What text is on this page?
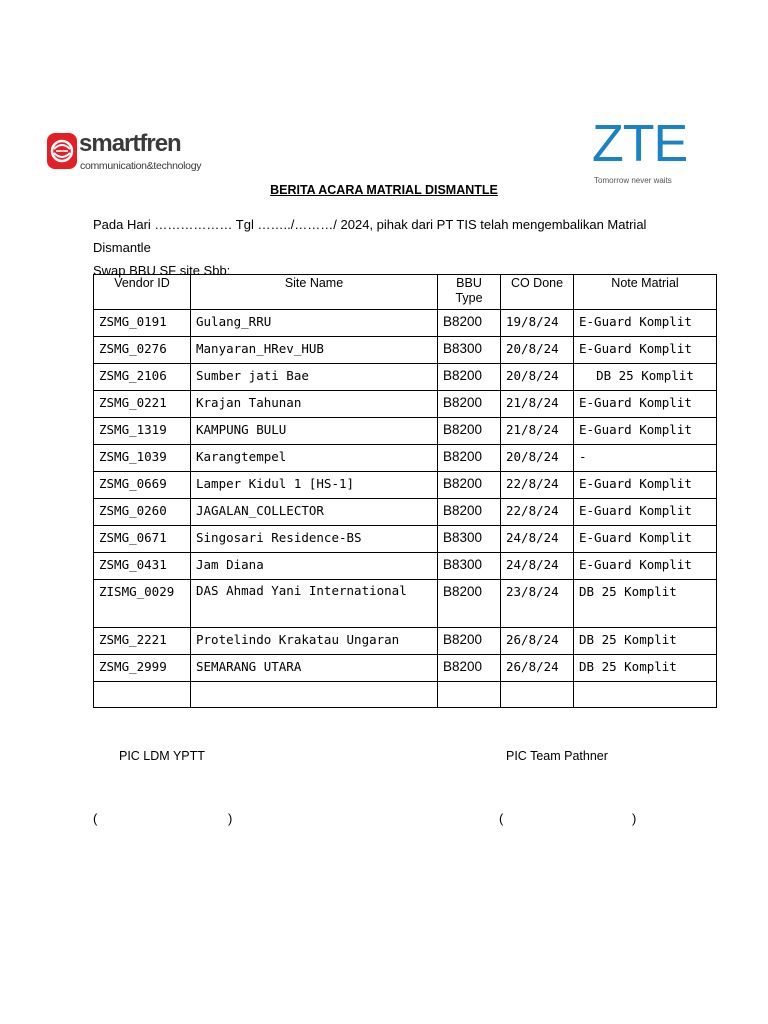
smartfren
communication&technology	ZTE
Tomorrow never waits
BERITA ACARA MATRIAL DISMANTLE
Pada Hari ……………… Tgl ……../………/ 2024, pihak dari PT TIS telah mengembalikan Matrial Dismantle
Swap BBU SF site Sbb:
Vendor ID	Site Name	BBU Type	CO Done	Note Matrial
ZSMG_0191	Gulang_RRU	B8200	19/8/24	E-Guard Komplit
ZSMG_0276	Manyaran_HRev_HUB	B8300	20/8/24	E-Guard Komplit
ZSMG_2106	Sumber jati Bae	B8200	20/8/24	DB 25 Komplit
ZSMG_0221	Krajan Tahunan	B8200	21/8/24	E-Guard Komplit
ZSMG_1319	KAMPUNG BULU	B8200	21/8/24	E-Guard Komplit
ZSMG_1039	Karangtempel	B8200	20/8/24	-
ZSMG_0669	Lamper Kidul 1 [HS-1]	B8200	22/8/24	E-Guard Komplit
ZSMG_0260	JAGALAN_COLLECTOR	B8200	22/8/24	E-Guard Komplit
ZSMG_0671	Singosari Residence-BS	B8300	24/8/24	E-Guard Komplit
ZSMG_0431	Jam Diana	B8300	24/8/24	E-Guard Komplit
ZISMG_0029	DAS Ahmad Yani International	B8200	23/8/24	DB 25 Komplit
ZSMG_2221	Protelindo Krakatau Ungaran	B8200	26/8/24	DB 25 Komplit
ZSMG_2999	SEMARANG UTARA	B8200	26/8/24	DB 25 Komplit

PIC LDM YPTT	PIC Team Pathner
(	)	(	)
